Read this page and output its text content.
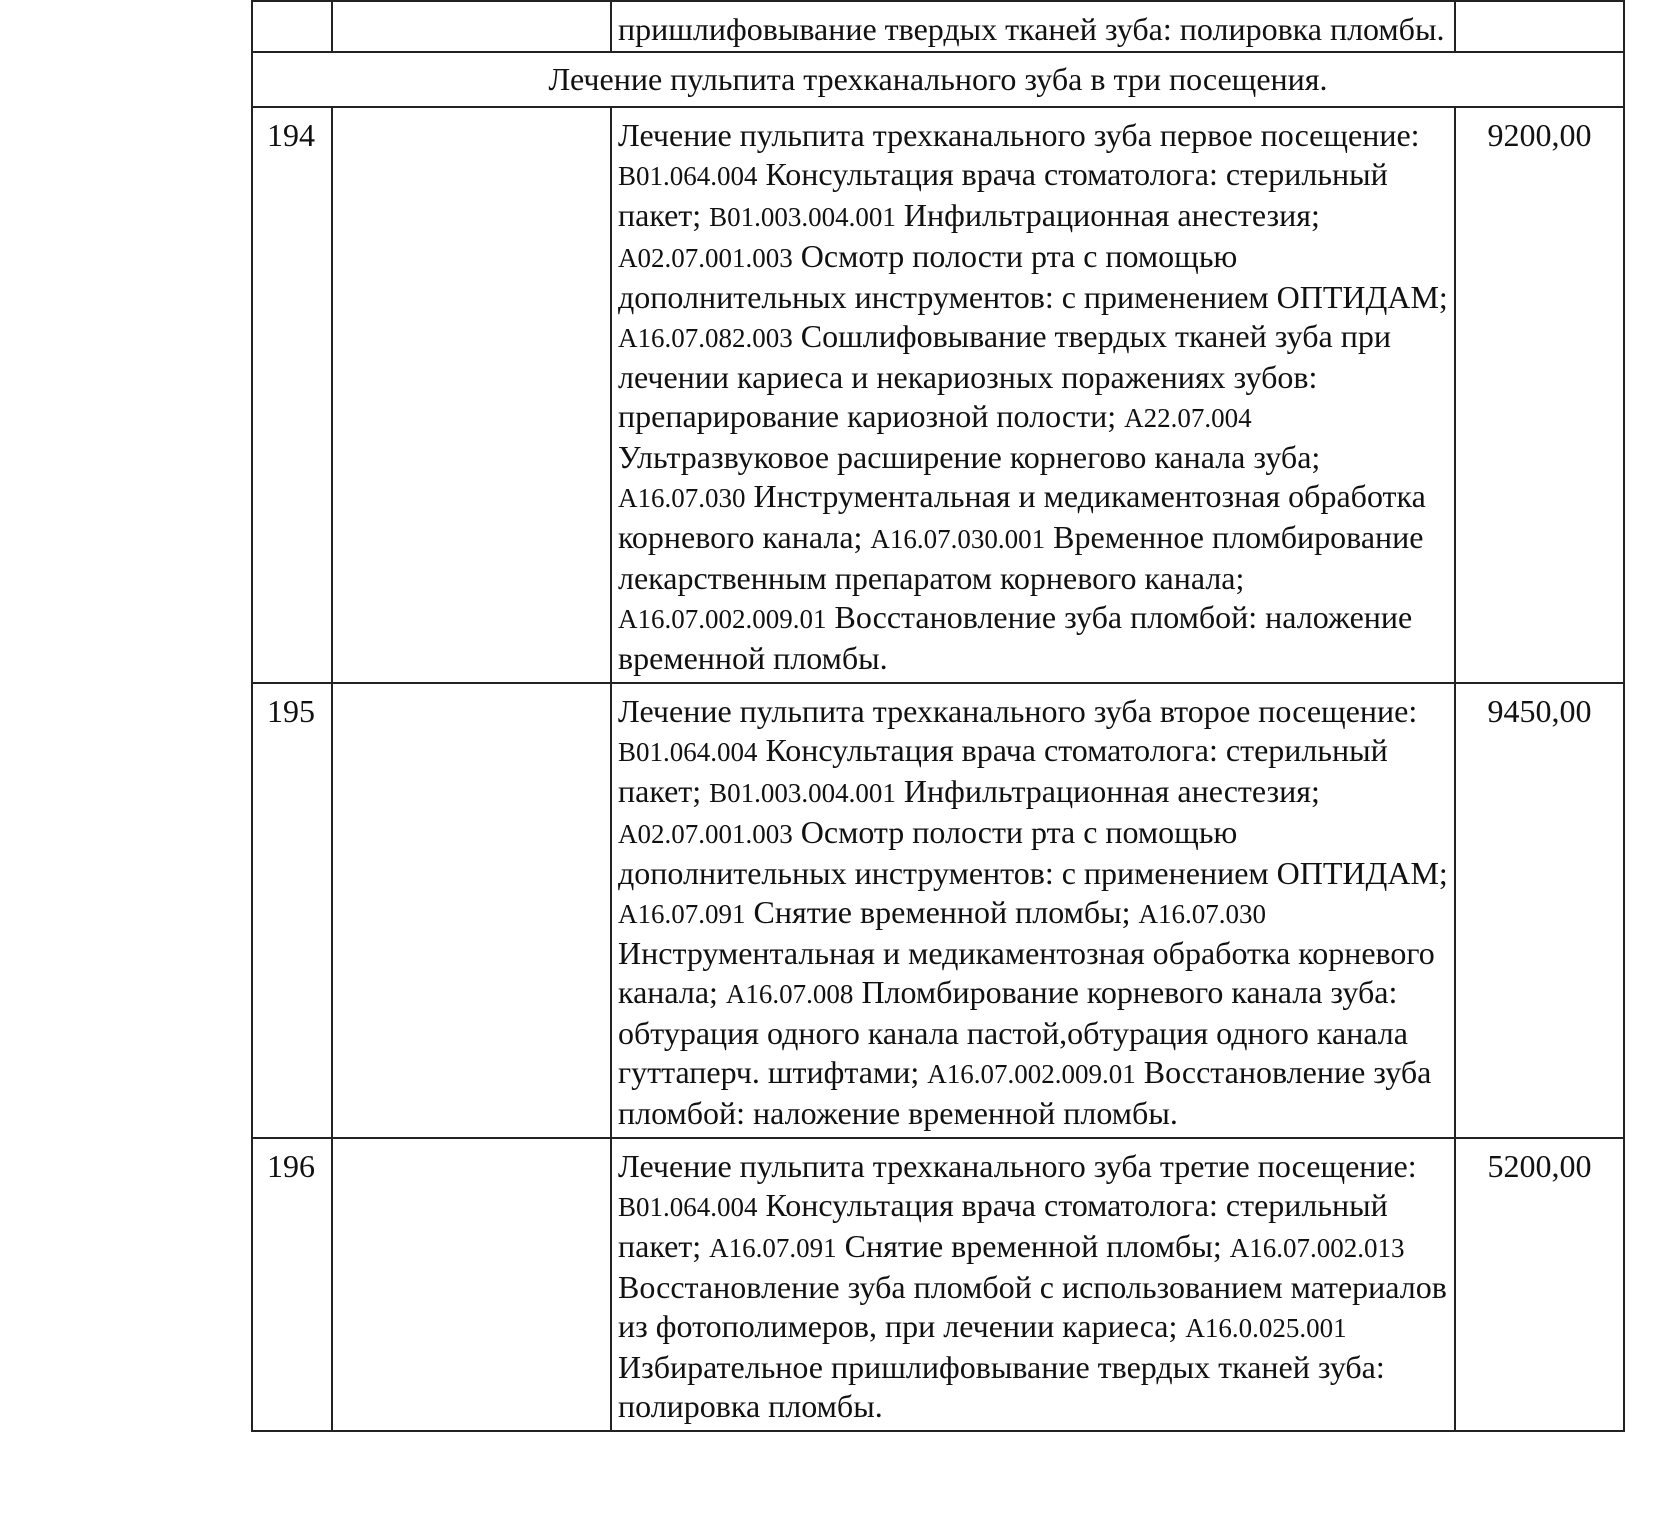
		пришлифовывание твердых тканей зуба: полировка пломбы.	
Лечение пульпита трехканального зуба в три посещения.			
194		Лечение пульпита трехканального зуба первое посещение: B01.064.004 Консультация врача стоматолога: стерильный пакет; B01.003.004.001 Инфильтрационная анестезия; A02.07.001.003 Осмотр полости рта с помощью дополнительных инструментов: с применением ОПТИДАМ; A16.07.082.003 Сошлифовывание твердых тканей зуба при лечении кариеса и некариозных поражениях зубов: препарирование кариозной полости; A22.07.004 Ультразвуковое расширение корнегово канала зуба; A16.07.030 Инструментальная и медикаментозная обработка корневого канала; A16.07.030.001 Временное пломбирование лекарственным препаратом корневого канала; A16.07.002.009.01 Восстановление зуба пломбой: наложение временной пломбы.	9200,00
195		Лечение пульпита трехканального зуба второе посещение: B01.064.004 Консультация врача стоматолога: стерильный пакет; B01.003.004.001 Инфильтрационная анестезия; A02.07.001.003 Осмотр полости рта с помощью дополнительных инструментов: с применением ОПТИДАМ; A16.07.091 Снятие временной пломбы; A16.07.030 Инструментальная и медикаментозная обработка корневого канала; A16.07.008 Пломбирование корневого канала зуба: обтурация одного канала пастой,обтурация одного канала гуттаперч. штифтами; A16.07.002.009.01 Восстановление зуба пломбой: наложение временной пломбы.	9450,00
196		Лечение пульпита трехканального зуба третие посещение: B01.064.004 Консультация врача стоматолога: стерильный пакет; A16.07.091 Снятие временной пломбы; A16.07.002.013 Восстановление зуба пломбой с использованием материалов из фотополимеров, при лечении кариеса; A16.0.025.001 Избирательное пришлифовывание твердых тканей зуба: полировка пломбы.	5200,00
